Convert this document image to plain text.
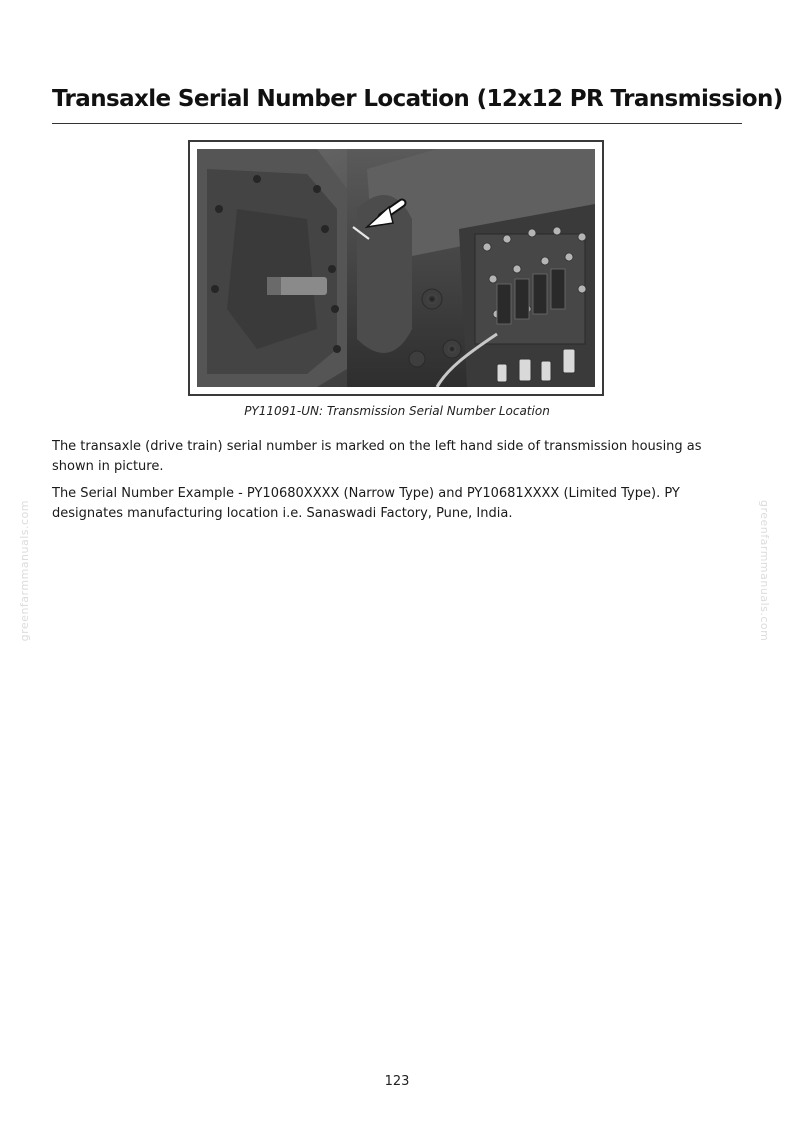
Transaxle Serial Number Location (12x12 PR Transmission)
PY11091-UN: Transmission Serial Number Location

The transaxle (drive train) serial number is marked on the left hand side of transmission housing as shown in picture.

The Serial Number Example - PY10680XXXX (Narrow Type) and PY10681XXXX (Limited Type). PY designates manufacturing location i.e. Sanaswadi Factory, Pune, India.

greenfarmmanuals.com	greenfarmmanuals.com
123
